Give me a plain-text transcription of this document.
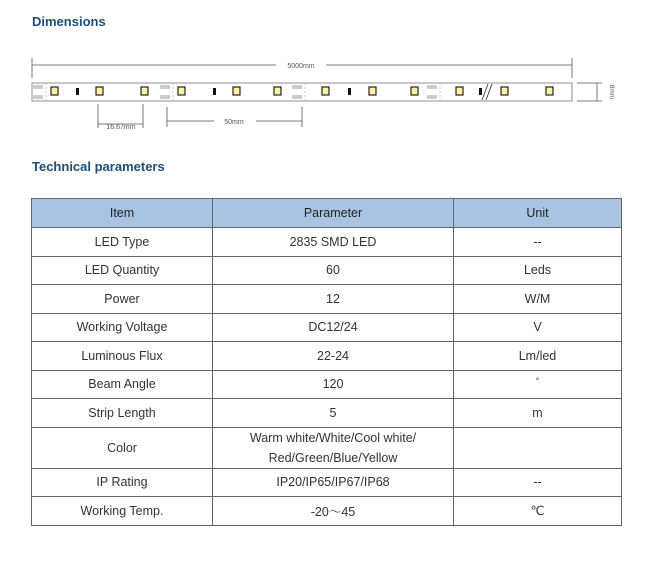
Dimensions
5000mm
8mm
16.67mm
50mm
Technical parameters
Item	Parameter	Unit
LED Type	2835 SMD LED	--
LED Quantity	60	Leds
Power	12	W/M
Working Voltage	DC12/24	V
Luminous Flux	22-24	Lm/led
Beam Angle	120	°
Strip Length	5	m
Color	Warm white/White/Cool white/
Red/Green/Blue/Yellow	

IP Rating	IP20/IP65/IP67/IP68	--
Working Temp.	-20～45	℃
